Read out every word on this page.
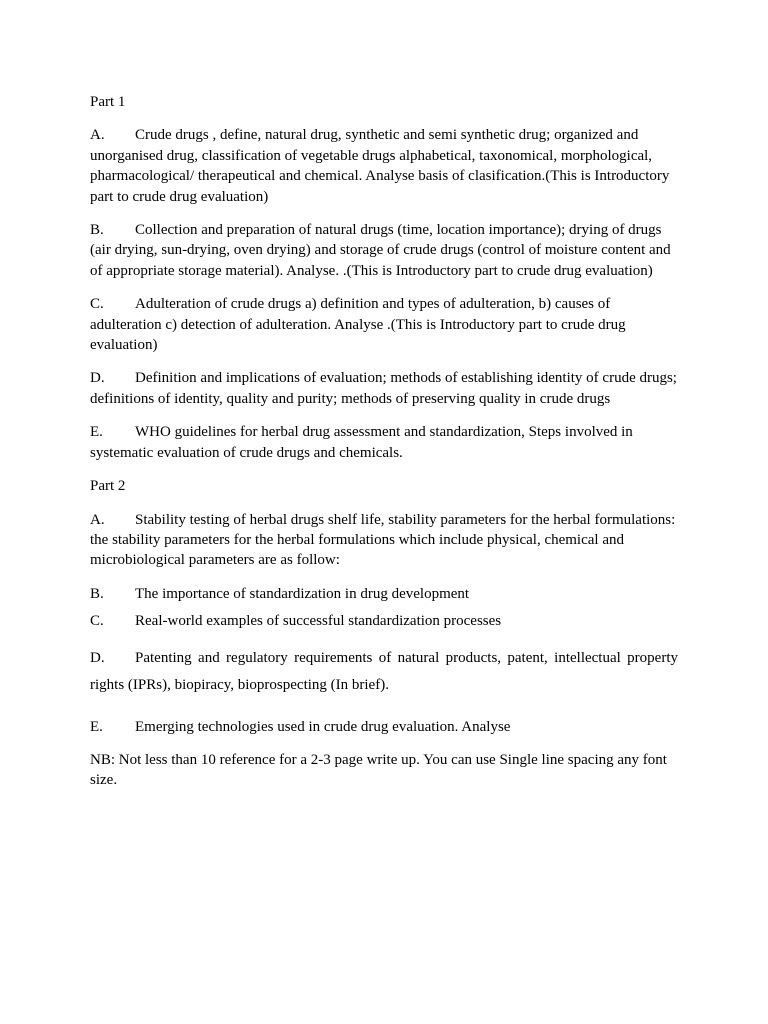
Part 1

A. Crude drugs , define, natural drug, synthetic and semi synthetic drug; organized and unorganised drug, classification of vegetable drugs alphabetical, taxonomical, morphological, pharmacological/ therapeutical and chemical. Analyse basis of clasification.(This is Introductory part to crude drug evaluation)

B. Collection and preparation of natural drugs (time, location importance); drying of drugs (air drying, sun-drying, oven drying) and storage of crude drugs (control of moisture content and of appropriate storage material). Analyse. .(This is Introductory part to crude drug evaluation)

C. Adulteration of crude drugs a) definition and types of adulteration, b) causes of adulteration c) detection of adulteration. Analyse .(This is Introductory part to crude drug evaluation)

D. Definition and implications of evaluation; methods of establishing identity of crude drugs; definitions of identity, quality and purity; methods of preserving quality in crude drugs

E. WHO guidelines for herbal drug assessment and standardization, Steps involved in systematic evaluation of crude drugs and chemicals.

Part 2

A. Stability testing of herbal drugs shelf life, stability parameters for the herbal formulations: the stability parameters for the herbal formulations which include physical, chemical and microbiological parameters are as follow:

B. The importance of standardization in drug development

C. Real-world examples of successful standardization processes

D. Patenting and regulatory requirements of natural products, patent, intellectual property rights (IPRs), biopiracy, bioprospecting (In brief).

E. Emerging technologies used in crude drug evaluation. Analyse

NB: Not less than 10 reference for a 2-3 page write up. You can use Single line spacing any font size.
